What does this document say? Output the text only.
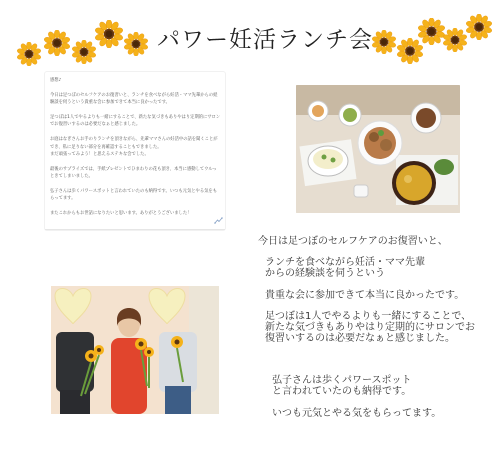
パワー妊活ランチ会
感想♪
今日は足つぼのセルフケアのお復習いと、ランチを食べながら妊活・ママ先輩からの経
験談を伺うという貴重な会に参加できて本当に良かったです。
足つぼは1人でやるよりも一緒にすることで、新たな気づきもありやはり定期的にサロン
でお復習いするのは必要だなぁと感じました。
お庭はなぎさんお手のりランチを頂きながら、先輩ママさんの妊活中の話を聞くことが
でき、私に足りない部分を再確認することもできました。
まだ頑張ってみよう！と思えるステキな会でした。
最後のサプライズでは、手紙プレゼントでひまわりの花も頂き、本当に感動してウルっ
ときてしまいました。
弘子さんは歩くパワースポットと言われていたのも納得です。いつも元気とやる気をも
らってます。
またこれからもお世話になりたいと思います。ありがとうございました！
今日は足つぼのセルフケアのお復習いと、
ランチを食べながら妊活・ママ先輩
からの経験談を伺うという
貴重な会に参加できて本当に良かったです。
足つぼは1人でやるよりも一緒にすることで、
新たな気づきもありやはり定期的にサロンでお
復習いするのは必要だなぁと感じました。
弘子さんは歩くパワースポット
と言われていたのも納得です。
いつも元気とやる気をもらってます。
